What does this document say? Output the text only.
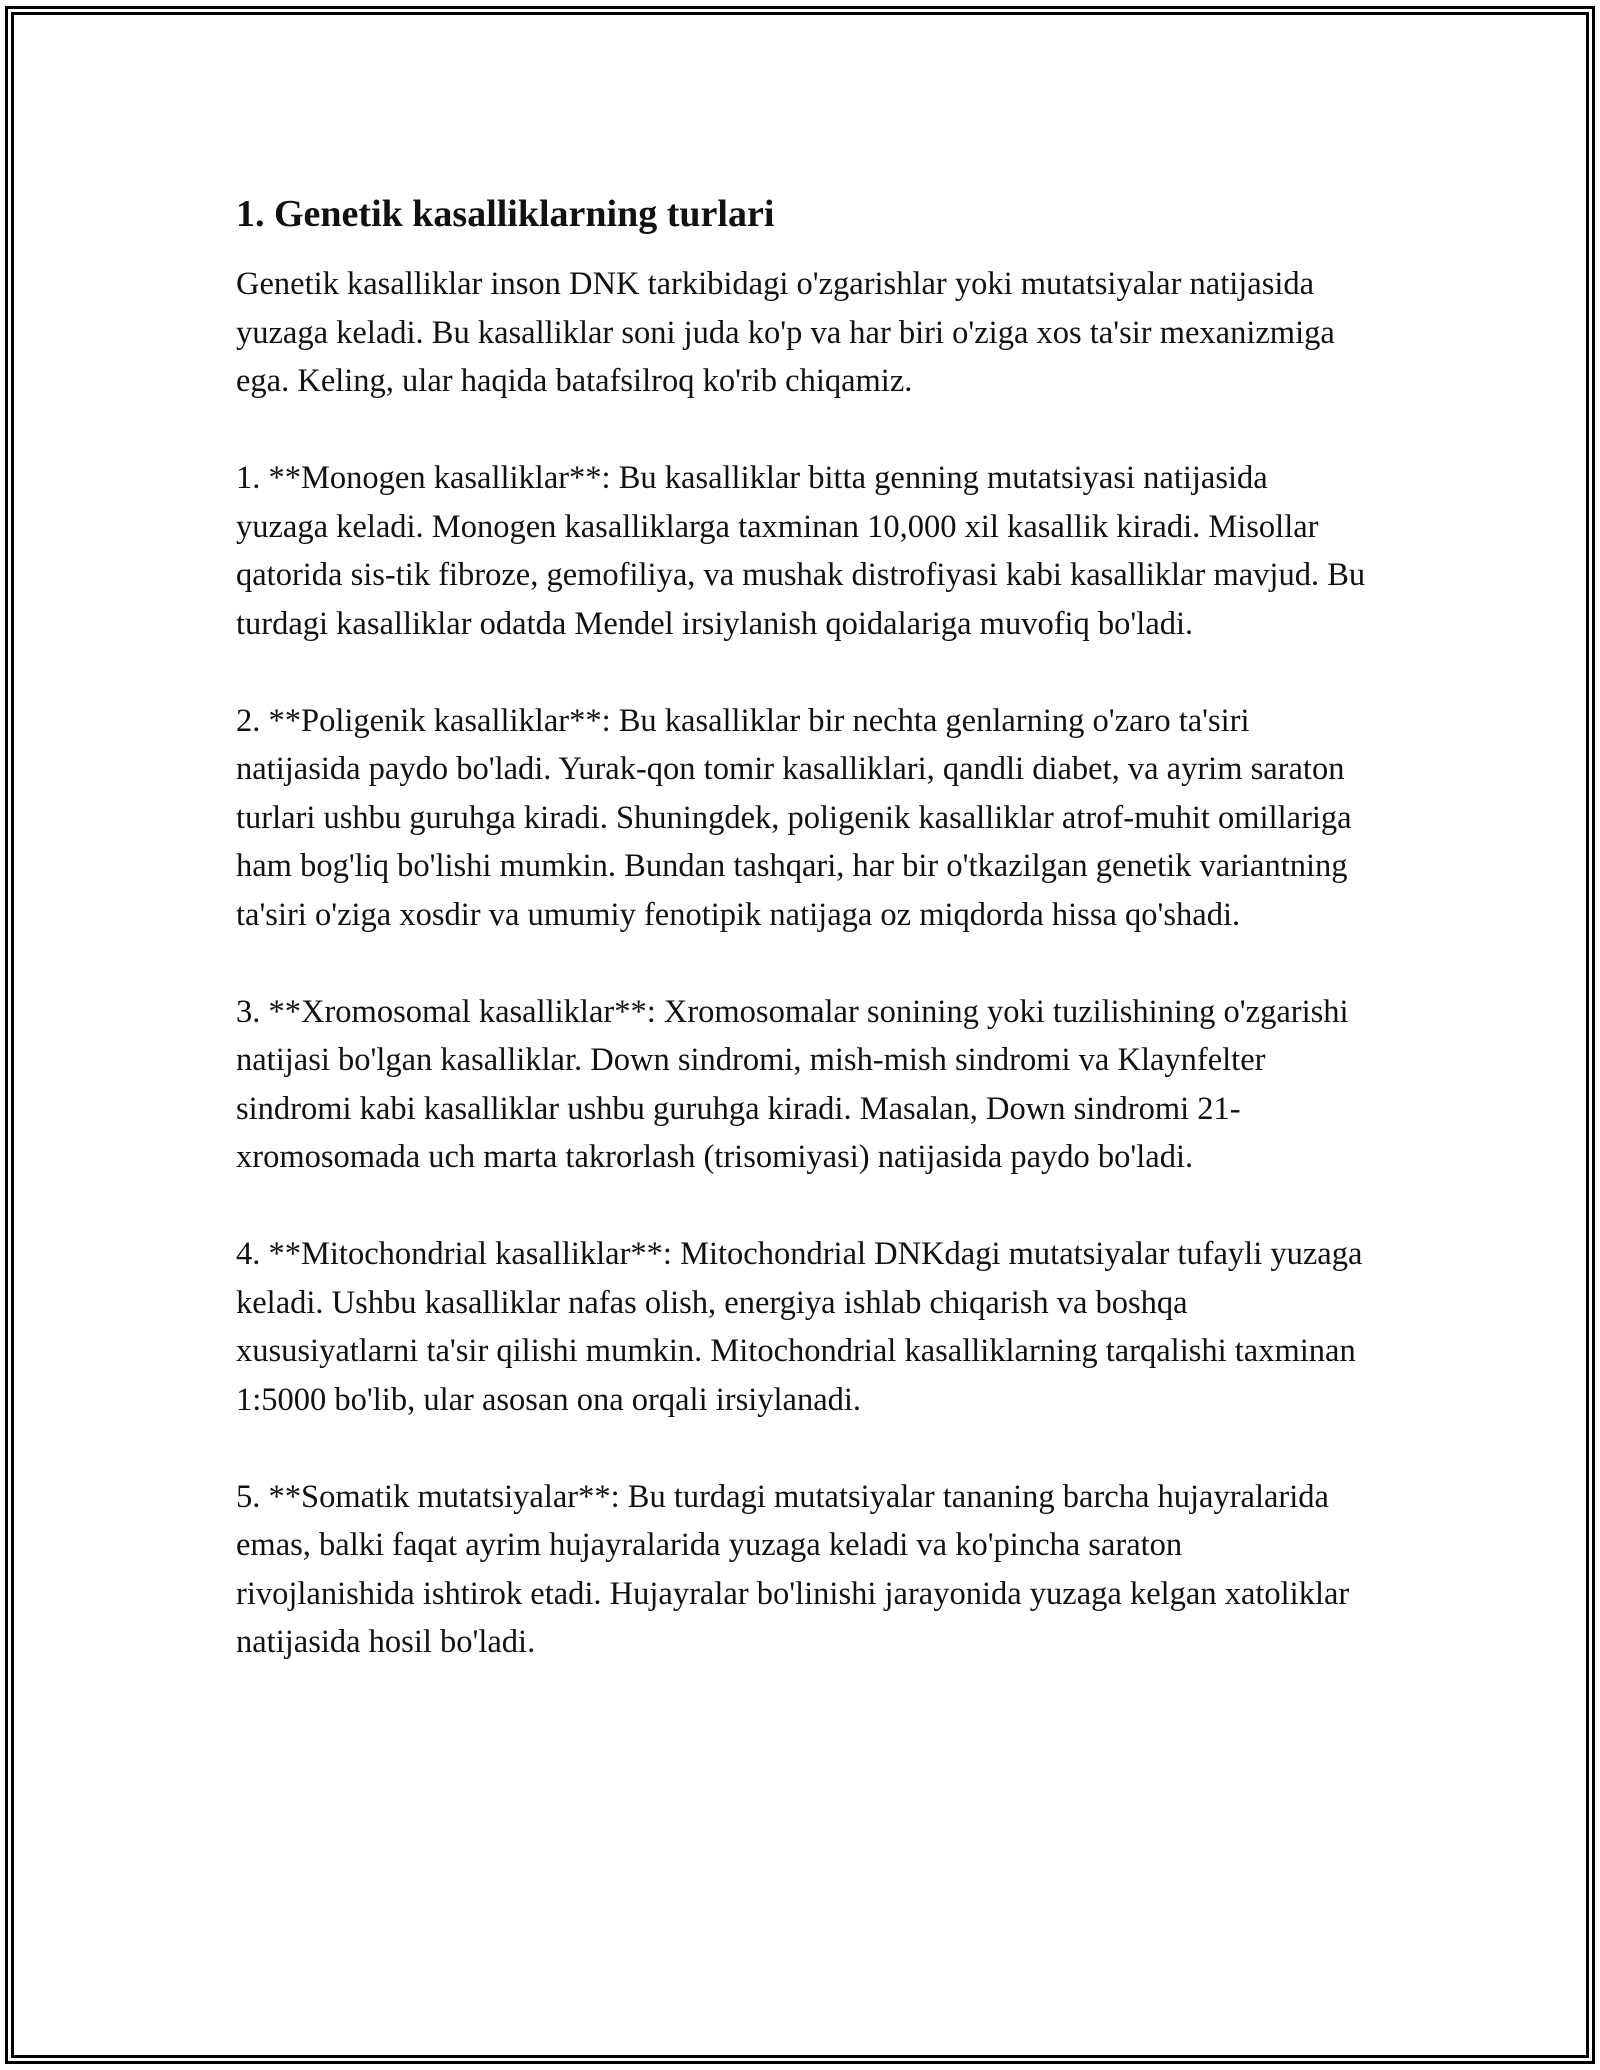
1. Genetik kasalliklarning turlari

Genetik kasalliklar inson DNK tarkibidagi o'zgarishlar yoki mutatsiyalar natijasida yuzaga keladi. Bu kasalliklar soni juda ko'p va har biri o'ziga xos ta'sir mexanizmiga ega. Keling, ular haqida batafsilroq ko'rib chiqamiz.

1. **Monogen kasalliklar**: Bu kasalliklar bitta genning mutatsiyasi natijasida yuzaga keladi. Monogen kasalliklarga taxminan 10,000 xil kasallik kiradi. Misollar qatorida sis-tik fibroze, gemofiliya, va mushak distrofiyasi kabi kasalliklar mavjud. Bu turdagi kasalliklar odatda Mendel irsiylanish qoidalariga muvofiq bo'ladi.

2. **Poligenik kasalliklar**: Bu kasalliklar bir nechta genlarning o'zaro ta'siri natijasida paydo bo'ladi. Yurak-qon tomir kasalliklari, qandli diabet, va ayrim saraton turlari ushbu guruhga kiradi. Shuningdek, poligenik kasalliklar atrof-muhit omillariga ham bog'liq bo'lishi mumkin. Bundan tashqari, har bir o'tkazilgan genetik variantning ta'siri o'ziga xosdir va umumiy fenotipik natijaga oz miqdorda hissa qo'shadi.

3. **Xromosomal kasalliklar**: Xromosomalar sonining yoki tuzilishining o'zgarishi natijasi bo'lgan kasalliklar. Down sindromi, mish-mish sindromi va Klaynfelter sindromi kabi kasalliklar ushbu guruhga kiradi. Masalan, Down sindromi 21-xromosomada uch marta takrorlash (trisomiyasi) natijasida paydo bo'ladi.

4. **Mitochondrial kasalliklar**: Mitochondrial DNKdagi mutatsiyalar tufayli yuzaga keladi. Ushbu kasalliklar nafas olish, energiya ishlab chiqarish va boshqa xususiyatlarni ta'sir qilishi mumkin. Mitochondrial kasalliklarning tarqalishi taxminan 1:5000 bo'lib, ular asosan ona orqali irsiylanadi.

5. **Somatik mutatsiyalar**: Bu turdagi mutatsiyalar tananing barcha hujayralarida emas, balki faqat ayrim hujayralarida yuzaga keladi va ko'pincha saraton rivojlanishida ishtirok etadi. Hujayralar bo'linishi jarayonida yuzaga kelgan xatoliklar natijasida hosil bo'ladi.
